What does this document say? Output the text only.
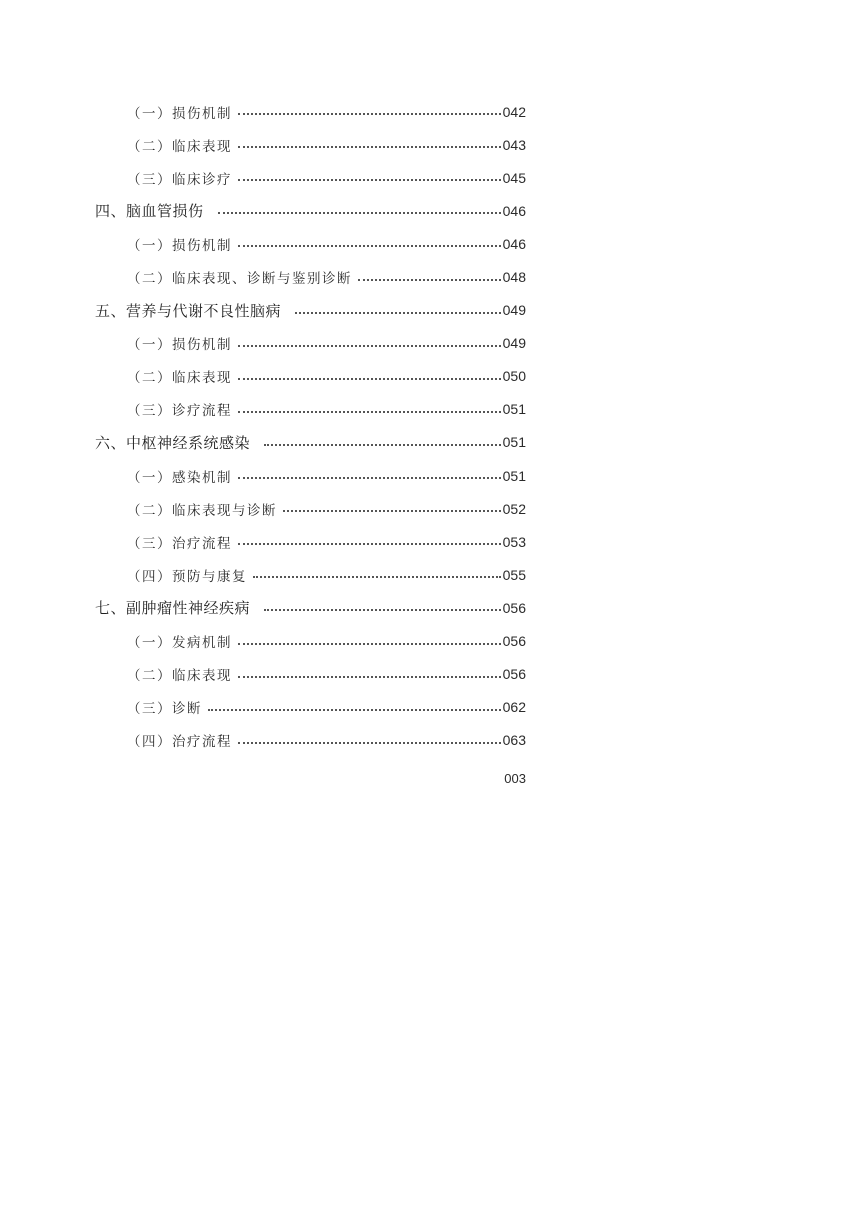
（一）损伤机制	042
（二）临床表现	043
（三）临床诊疗	045
四、脑血管损伤	046
（一）损伤机制	046
（二）临床表现、诊断与鉴别诊断	048
五、营养与代谢不良性脑病	049
（一）损伤机制	049
（二）临床表现	050
（三）诊疗流程	051
六、中枢神经系统感染	051
（一）感染机制	051
（二）临床表现与诊断	052
（三）治疗流程	053
（四）预防与康复	055
七、副肿瘤性神经疾病	056
（一）发病机制	056
（二）临床表现	056
（三）诊断	062
（四）治疗流程	063
003
